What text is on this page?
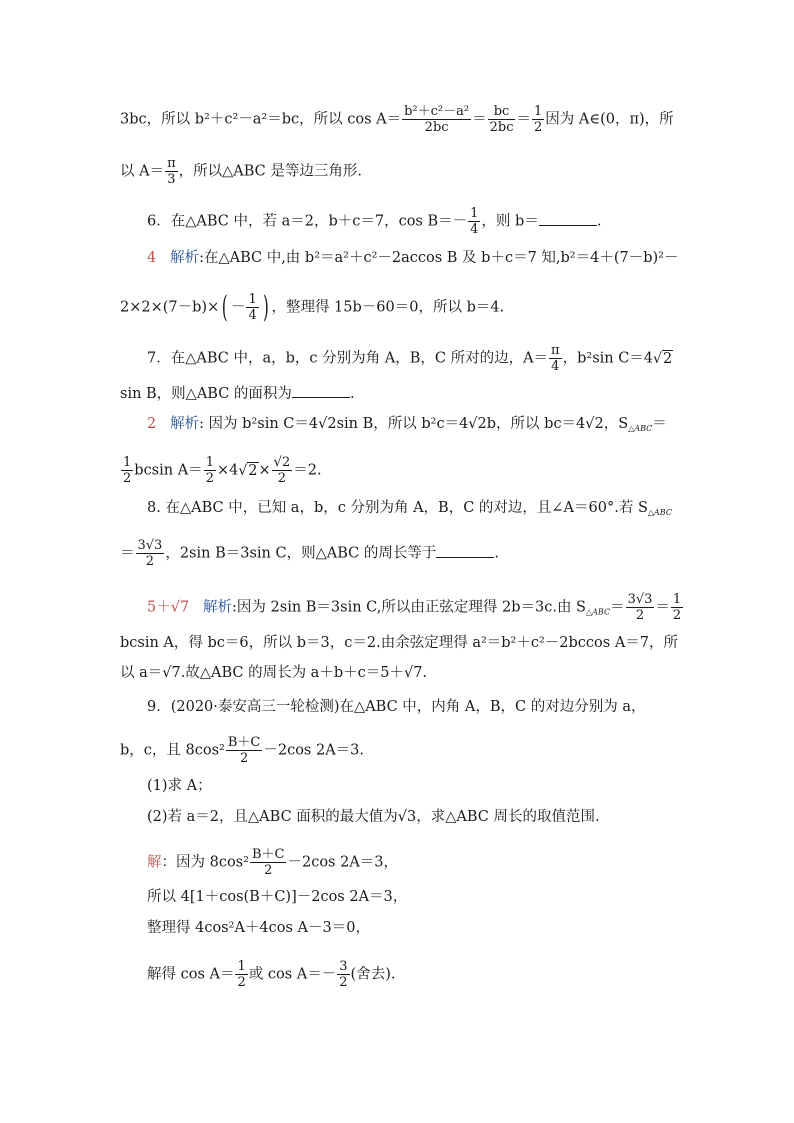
3bc，所以 b²＋c²－a²＝bc，所以 $\cos A= \frac{\text{b²＋c²－a²}}{2bc} = \frac{bc}{2bc} = \frac{1}{2}$ 因为 A∈(0，π)，所
以 $A= \frac{\pi}{3}$ ，所以△ABC 是等边三角形.
6．在△ABC 中，若 a＝2，b＋c＝7，$\cos B=- \frac{1}{4}$ ，则 b＝	.
4 解析:在△ABC 中,由 b²＝a²＋c²－2accos B 及 b＋c＝7 知,b²＝4＋(7－b)²－
$2\times 2\times(7-b)\times( - \frac{1}{4}$ ) ，整理得 15b－60＝0，所以 b＝4.
7．在△ABC 中，a，b，c 分别为角 A，B，C 所对的边，$A= \frac{\pi}{4}$ ，b²sin C＝4√2
sin B，则△ABC 的面积为	.
2 解析: 因为 b²sin C＝4√2sin B，所以 b²c＝4√2b，所以 bc＝4√2，$S_{\triangle ABC}=$
$\frac{1}{2}$ bcsin $A= \frac{1}{2} \times 4√2\times \frac{√2}{2} =2$.
8. 在△ABC 中，已知 a，b，c 分别为角 A，B，C 的对边，且∠A＝60°.若 $S_{\triangle ABC}$
＝ $\frac{3√3}{2}$ ，2sin B＝3sin C，则△ABC 的周长等于	.
5＋√7 解析:因为 2sin B＝3sin C,所以由正弦定理得 2b＝3c.由 $S_{\triangle ABC}= \frac{3√3}{2} = \frac{1}{2}$
bcsin A，得 bc＝6，所以 b＝3，c＝2.由余弦定理得 a²＝b²＋c²－2bccos A＝7，所
以 a＝√7.故△ABC 的周长为 a＋b＋c＝5＋√7.
9．(2020·泰安高三一轮检测)在△ABC 中，内角 A，B，C 的对边分别为 a，
b，c，且 $8\cos^2 \frac{B+C}{2} -2\cos$ 2A＝3.
(1)求 A；
(2)若 a＝2，且△ABC 面积的最大值为√3，求△ABC 周长的取值范围.
解：因为 $8\cos^2 \frac{B+C}{2} -2\cos$ 2A＝3，
所以 4[1＋cos(B＋C)]－2cos 2A＝3，
整理得 4cos²A＋4cos A－3＝0，
解得 $\cos A= \frac{1}{2}$ 或 $\cos A=- \frac{3}{2}$ (舍去).
